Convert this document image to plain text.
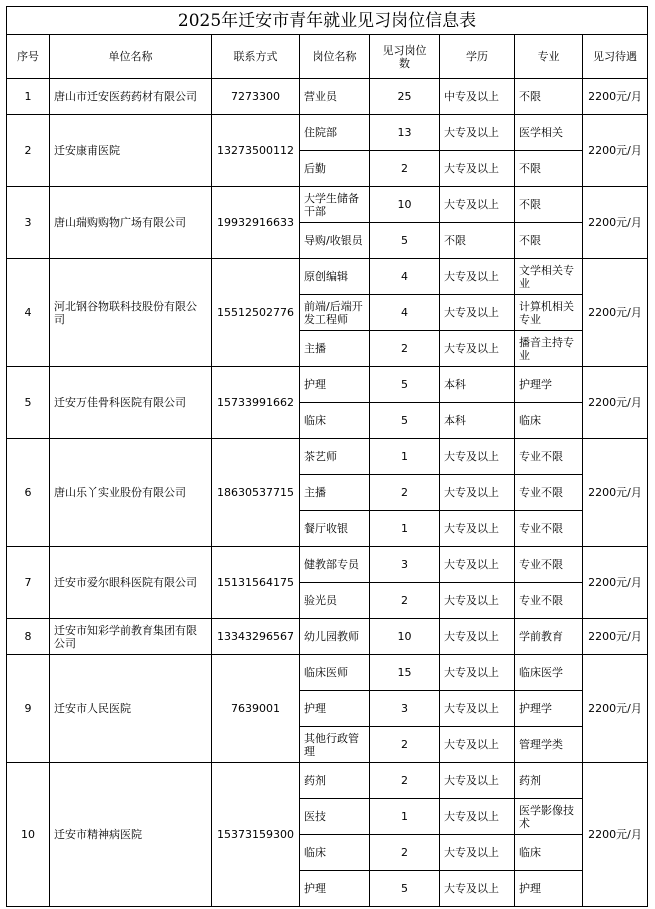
2025年迁安市青年就业见习岗位信息表							
序号	单位名称	联系方式	岗位名称	见习岗位数	学历	专业	见习待遇
1	唐山市迁安医药药材有限公司	7273300	营业员	25	中专及以上	不限	2200元/月
2	迁安康甫医院	13273500112	住院部	13	大专及以上	医学相关	2200元/月
			后勤	2	大专及以上	不限	
3	唐山瑞购购物广场有限公司	19932916633	大学生储备干部	10	大专及以上	不限	2200元/月
			导购/收银员	5	不限	不限	
4	河北钢谷物联科技股份有限公司	15512502776	原创编辑	4	大专及以上	文学相关专业	2200元/月
			前端/后端开发工程师	4	大专及以上	计算机相关专业	
			主播	2	大专及以上	播音主持专业	
5	迁安万佳骨科医院有限公司	15733991662	护理	5	本科	护理学	2200元/月
			临床	5	本科	临床	
6	唐山乐丫实业股份有限公司	18630537715	茶艺师	1	大专及以上	专业不限	2200元/月
			主播	2	大专及以上	专业不限	
			餐厅收银	1	大专及以上	专业不限	
7	迁安市爱尔眼科医院有限公司	15131564175	健教部专员	3	大专及以上	专业不限	2200元/月
			验光员	2	大专及以上	专业不限	
8	迁安市知彩学前教育集团有限公司	13343296567	幼儿园教师	10	大专及以上	学前教育	2200元/月
9	迁安市人民医院	7639001	临床医师	15	大专及以上	临床医学	2200元/月
			护理	3	大专及以上	护理学	
			其他行政管理	2	大专及以上	管理学类	
10	迁安市精神病医院	15373159300	药剂	2	大专及以上	药剂	2200元/月
			医技	1	大专及以上	医学影像技术	
			临床	2	大专及以上	临床	
			护理	5	大专及以上	护理	
